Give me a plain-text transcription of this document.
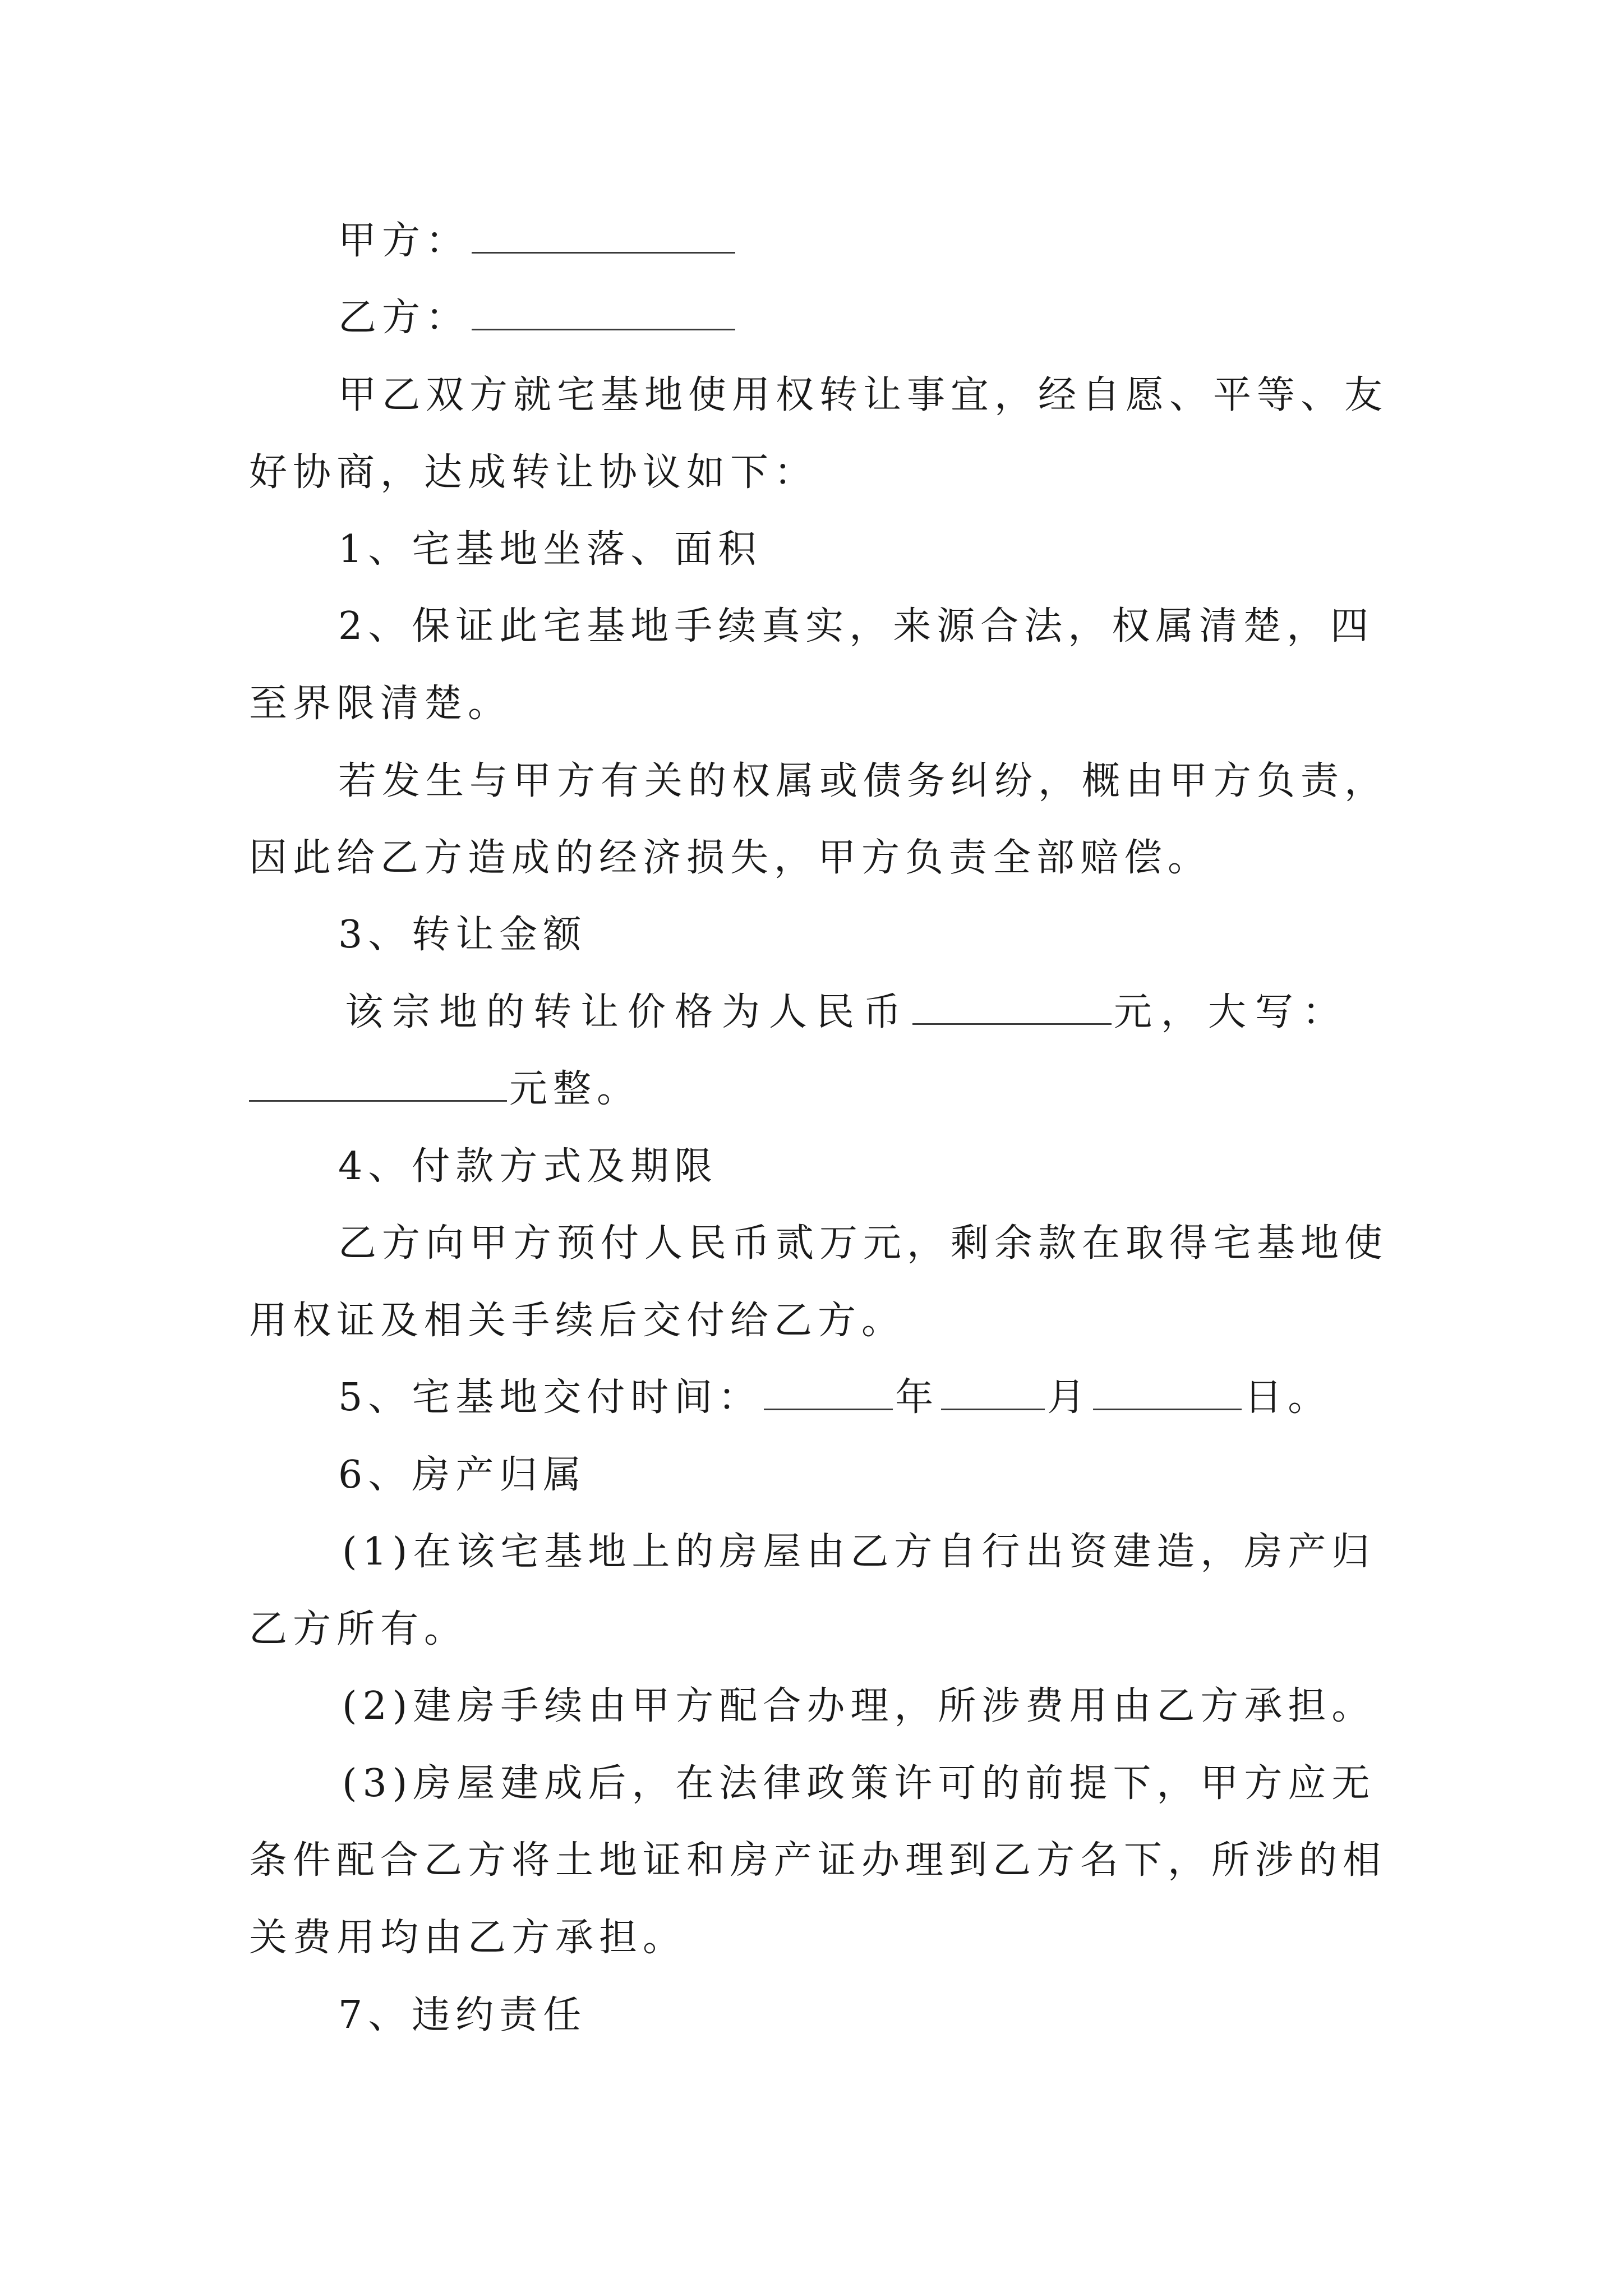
甲方：
乙方：
甲乙双方就宅基地使用权转让事宜，经自愿、平等、友
好协商，达成转让协议如下：
1、宅基地坐落、面积
2、保证此宅基地手续真实，来源合法，权属清楚，四
至界限清楚。
若发生与甲方有关的权属或债务纠纷，概由甲方负责，
因此给乙方造成的经济损失，甲方负责全部赔偿。
3、转让金额
该宗地的转让价格为人民币	元，大写：
元整。
4、付款方式及期限
乙方向甲方预付人民币贰万元，剩余款在取得宅基地使
用权证及相关手续后交付给乙方。
5、宅基地交付时间：	年	月	日。
6、房产归属
(1)在该宅基地上的房屋由乙方自行出资建造，房产归
乙方所有。
(2)建房手续由甲方配合办理，所涉费用由乙方承担。
(3)房屋建成后，在法律政策许可的前提下，甲方应无
条件配合乙方将土地证和房产证办理到乙方名下，所涉的相
关费用均由乙方承担。
7、违约责任
